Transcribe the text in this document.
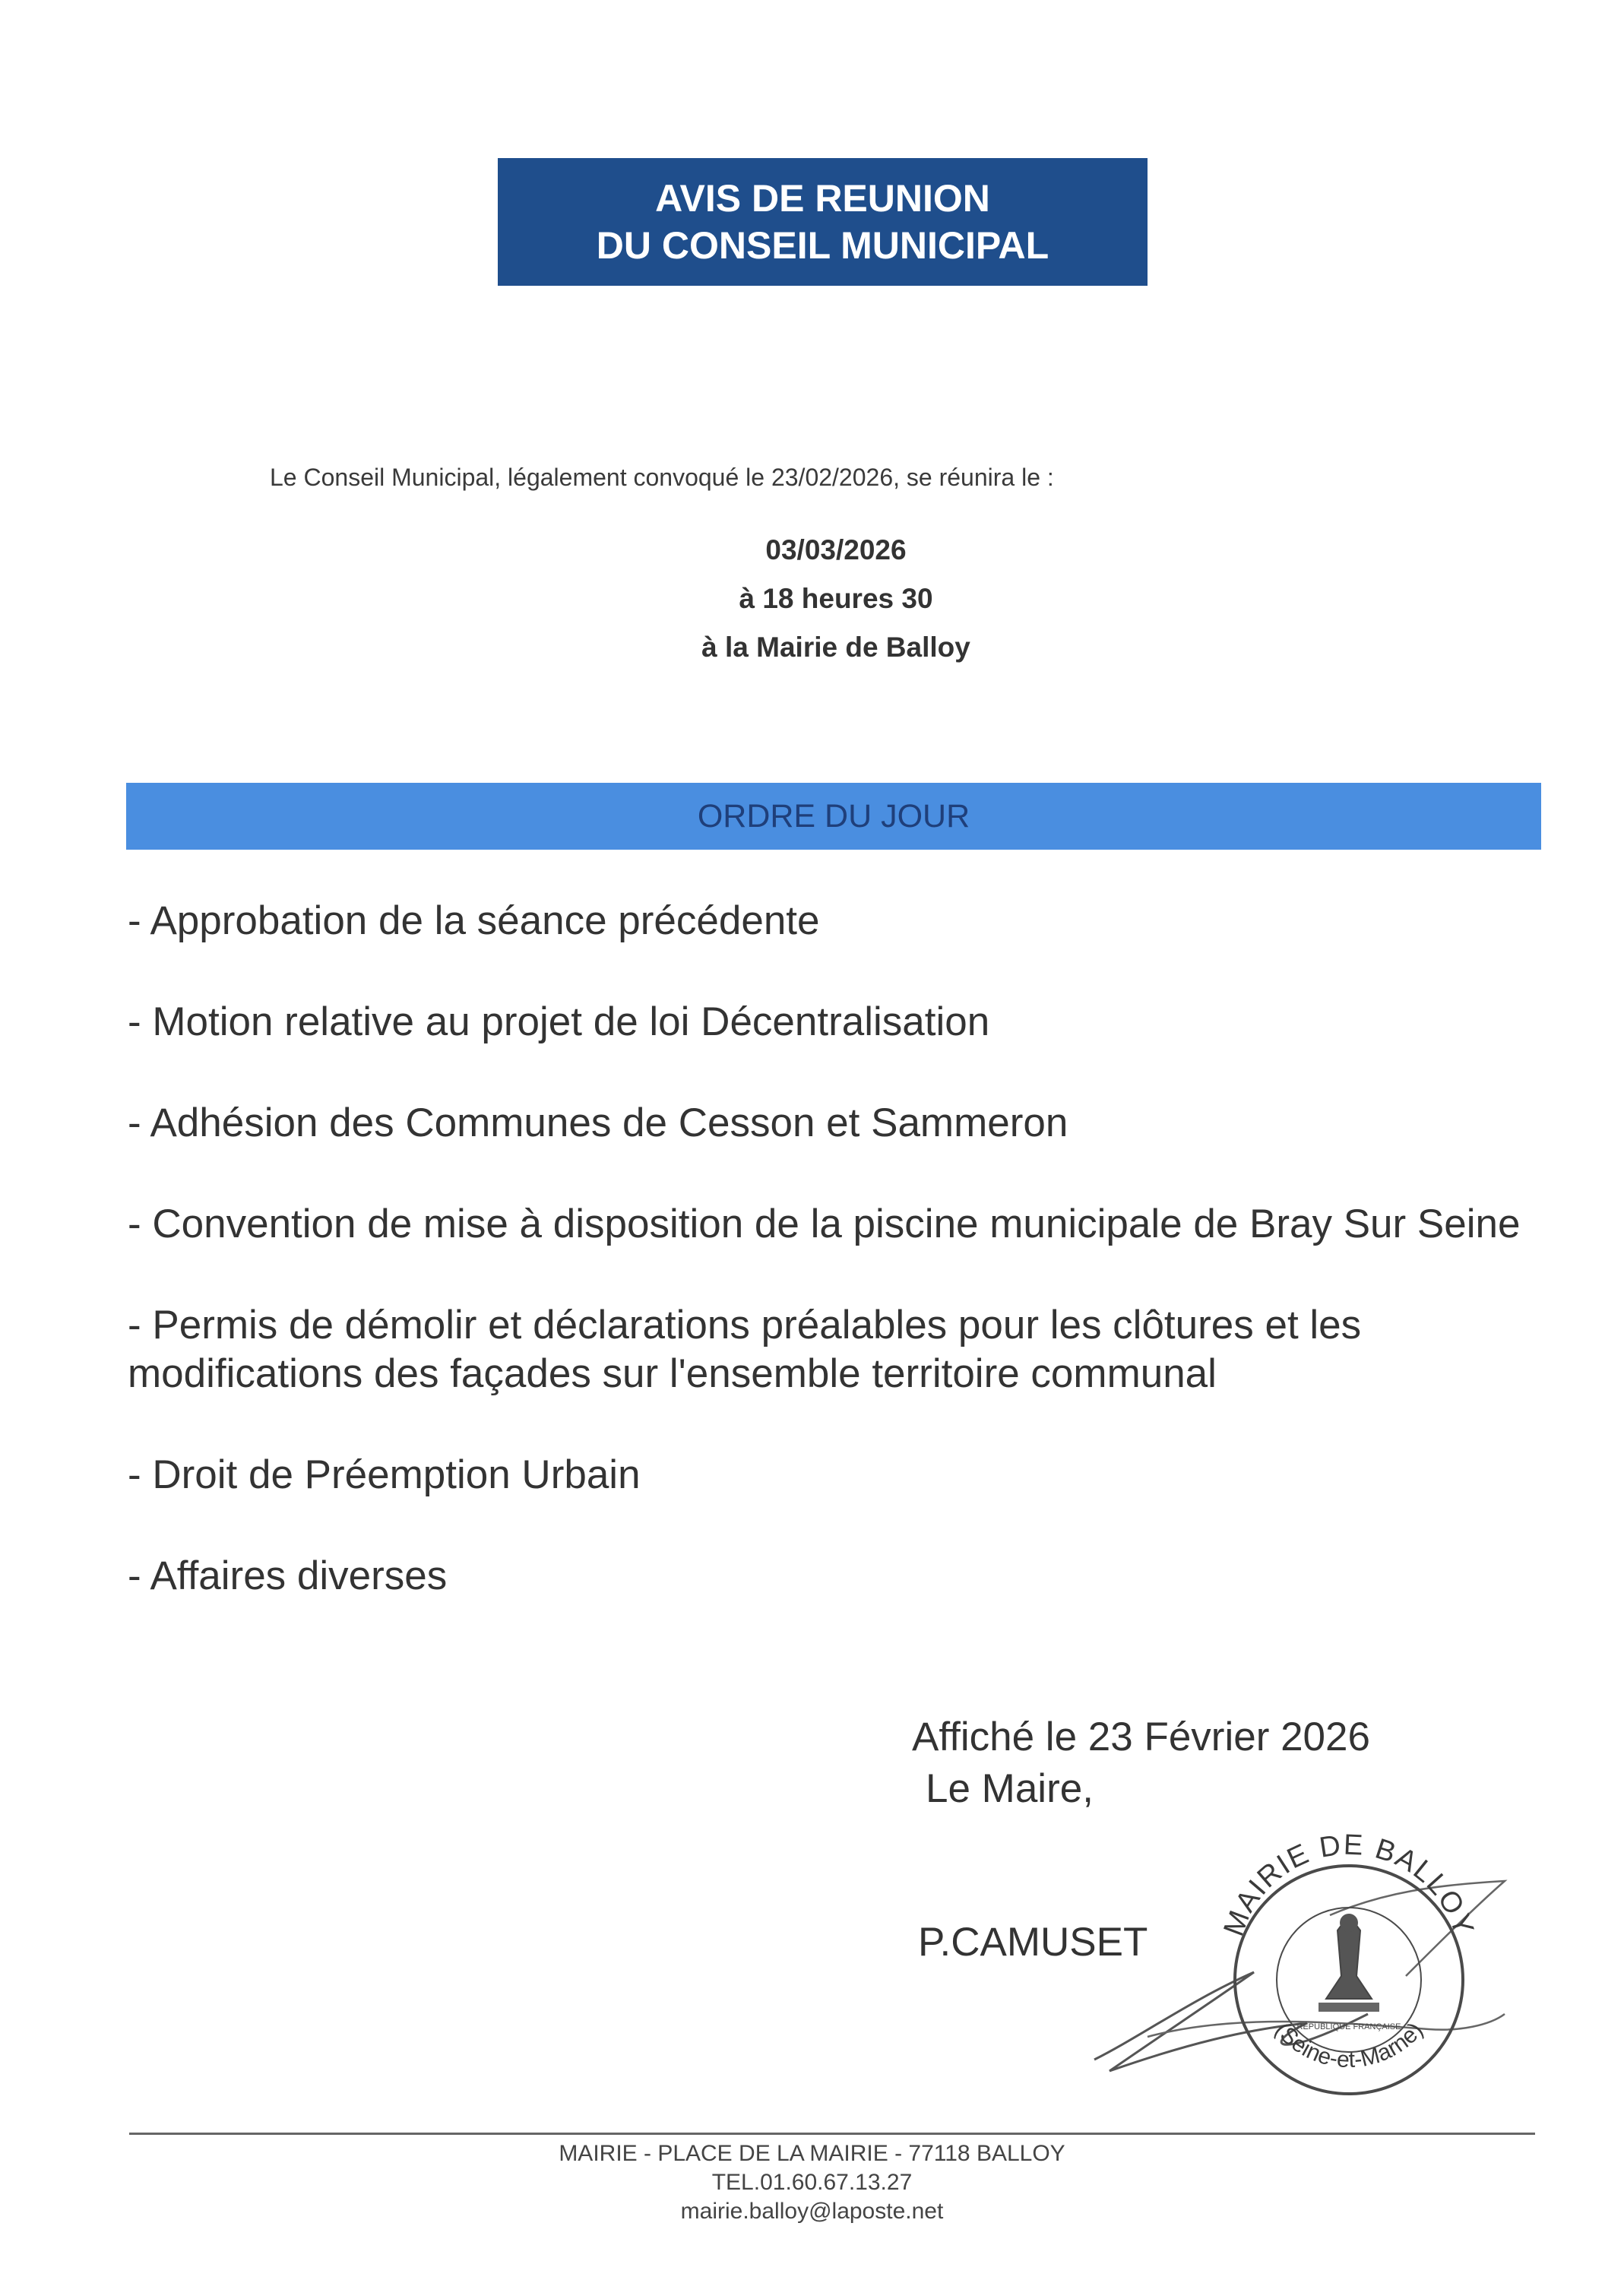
AVIS DE REUNION
DU CONSEIL MUNICIPAL
Le Conseil Municipal, légalement convoqué le 23/02/2026, se réunira le :
03/03/2026
à 18 heures 30
à la Mairie de Balloy
ORDRE DU JOUR
- Approbation de la séance précédente
- Motion relative au projet de loi Décentralisation
- Adhésion des Communes de Cesson et Sammeron
- Convention de mise à disposition de la piscine municipale de Bray Sur Seine
- Permis de démolir et déclarations préalables pour les clôtures et les modifications des façades sur l'ensemble territoire communal
- Droit de Préemption Urbain
- Affaires diverses
Affiché le 23 Février 2026
Le Maire,
P.CAMUSET MAIRIE DE BALLOY
(Seine-et-Marne)
RÉPUBLIQUE FRANÇAISE
MAIRIE - PLACE DE LA MAIRIE - 77118 BALLOY
TEL.01.60.67.13.27
mairie.balloy@laposte.net
